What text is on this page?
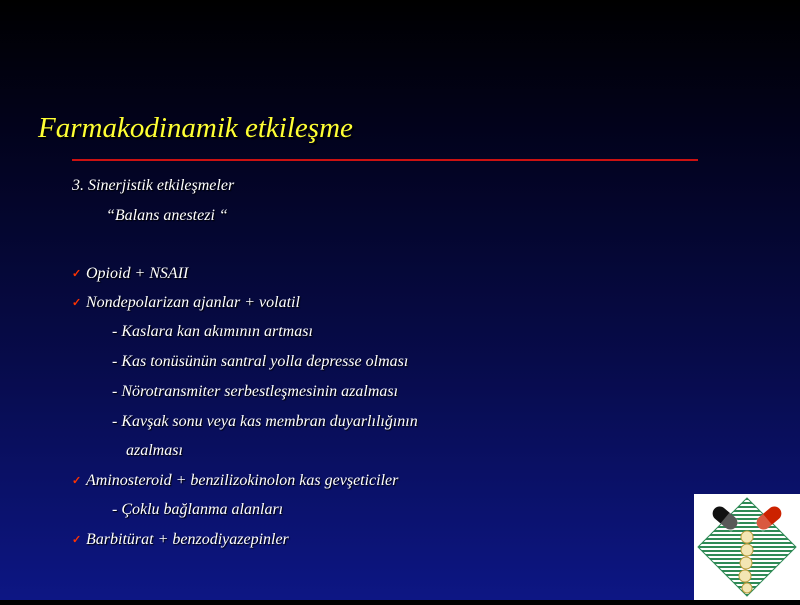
Farmakodinamik etkileşme
3. Sinerjistik etkileşmeler
“Balans anestezi “
✓ Opioid + NSAII
✓ Nondepolarizan ajanlar + volatil
- Kaslara kan akımının artması
- Kas tonüsünün santral yolla depresse olması
- Nörotransmiter serbestleşmesinin azalması
- Kavşak sonu veya kas membran duyarlılığının
azalması
✓ Aminosteroid + benzilizokinolon kas gevşeticiler
- Çoklu bağlanma alanları
✓ Barbitürat + benzodiyazepinler
